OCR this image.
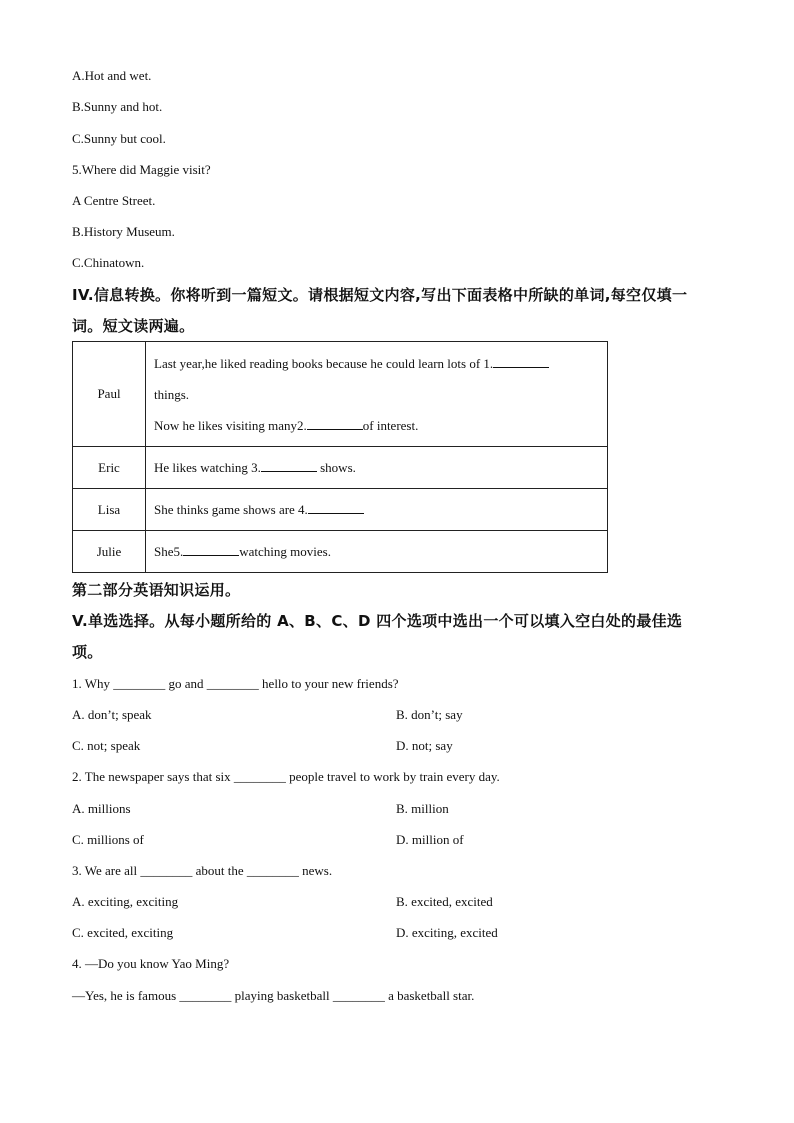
A.Hot and wet.
B.Sunny and hot.
C.Sunny but cool.
5.Where did Maggie visit?
A Centre Street.
B.History Museum.
C.Chinatown.
IV.信息转换。你将听到一篇短文。请根据短文内容,写出下面表格中所缺的单词,每空仅填一
词。短文读两遍。
Paul	Last year,he liked reading books because he could learn lots of 1.
things.
Now he likes visiting many2. of interest.

Eric	He likes watching 3. shows.
Lisa	She thinks game shows are 4.
Julie	She5. watching movies.
第二部分英语知识运用。
V.单选选择。从每小题所给的 A、B、C、D 四个选项中选出一个可以填入空白处的最佳选
项。
1. Why ________ go and ________ hello to your new friends?
A. don’t; speak	B. don’t; say
C. not; speak	D. not; say
2. The newspaper says that six ________ people travel to work by train every day.
A. millions	B. million
C. millions of	D. million of
3. We are all ________ about the ________ news.
A. exciting, exciting	B. excited, excited
C. excited, exciting	D. exciting, excited
4. —Do you know Yao Ming?
—Yes, he is famous ________ playing basketball ________ a basketball star.
